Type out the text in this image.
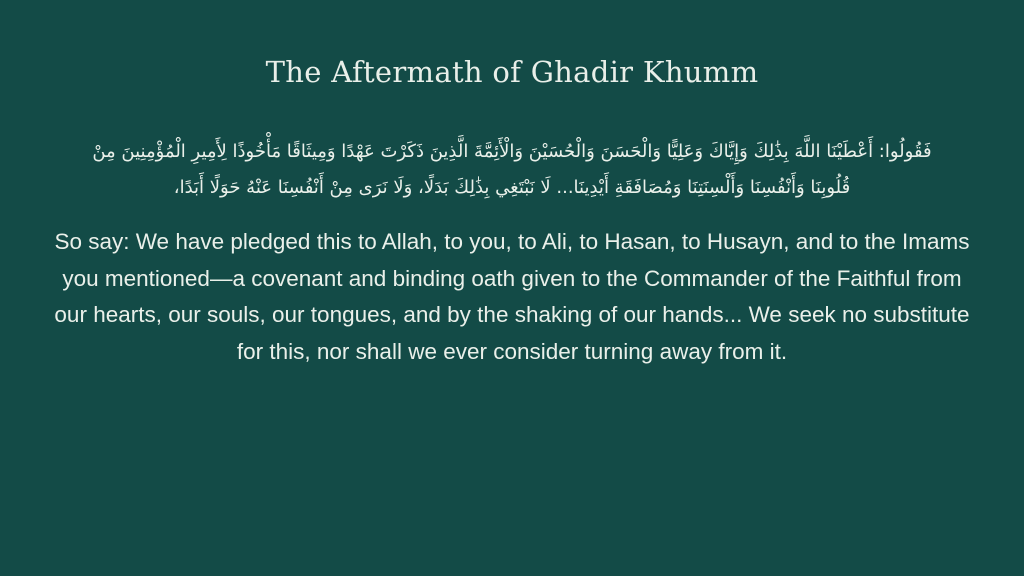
The Aftermath of Ghadir Khumm

فَقُولُوا: أَعْطَيْنَا اللَّهَ بِذَٰلِكَ وَإِيَّاكَ وَعَلِيًّا وَالْحَسَنَ وَالْحُسَيْنَ وَالْأَئِمَّةَ الَّذِينَ ذَكَرْتَ عَهْدًا وَمِيثَاقًا مَأْخُوذًا لِأَمِيرِ الْمُؤْمِنِينَ مِنْ قُلُوبِنَا وَأَنْفُسِنَا وَأَلْسِنَتِنَا وَمُصَافَقَةِ أَيْدِينَا... لَا نَبْتَغِي بِذَٰلِكَ بَدَلًا، وَلَا نَرَى مِنْ أَنْفُسِنَا عَنْهُ حَوَلًا أَبَدًا،

So say: We have pledged this to Allah, to you, to Ali, to Hasan, to Husayn, and to the Imams you mentioned—a covenant and binding oath given to the Commander of the Faithful from our hearts, our souls, our tongues, and by the shaking of our hands... We seek no substitute for this, nor shall we ever consider turning away from it.
